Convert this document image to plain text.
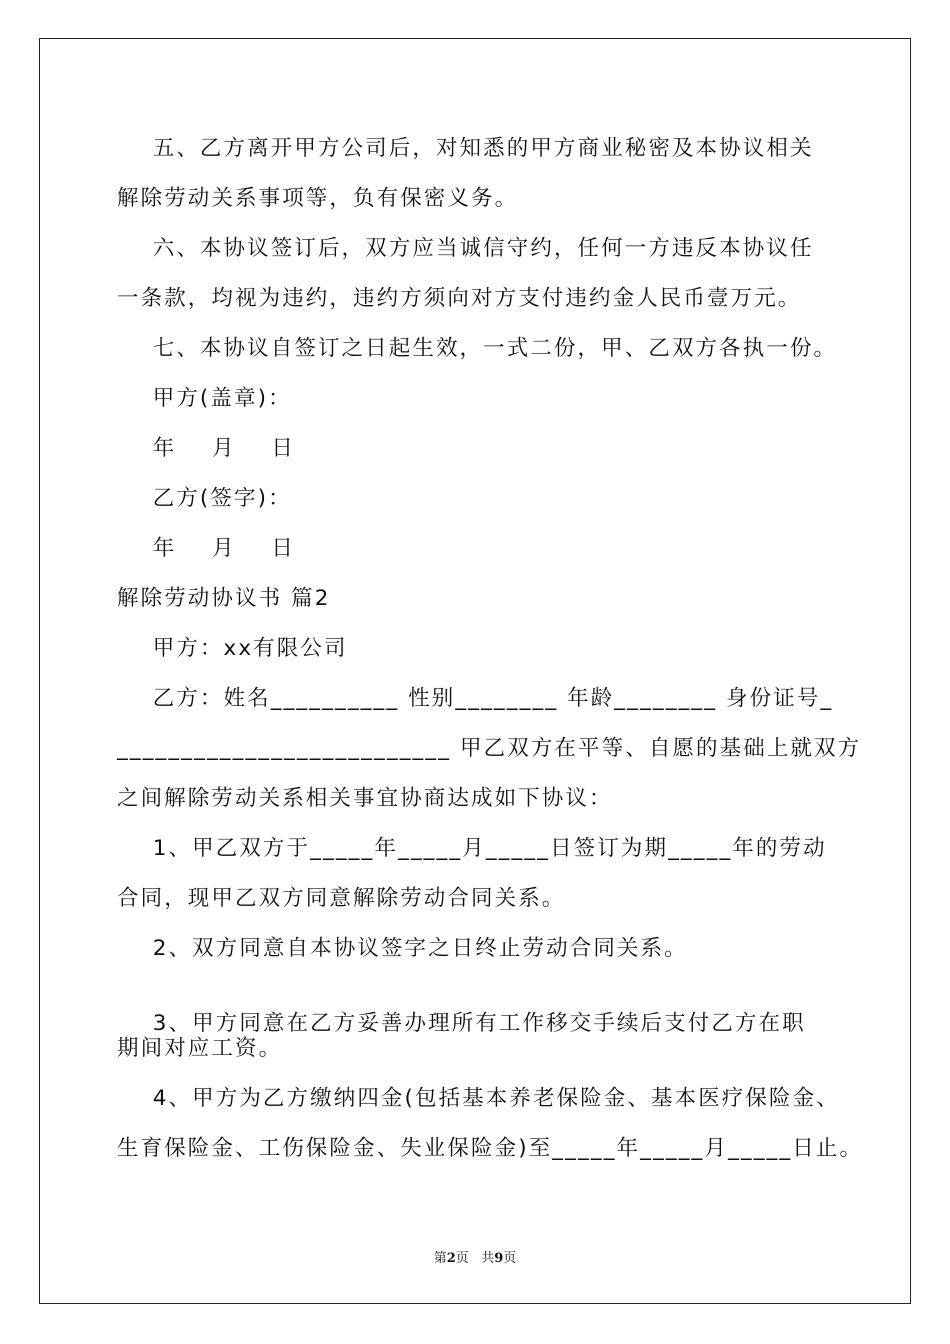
五、乙方离开甲方公司后，对知悉的甲方商业秘密及本协议相关
解除劳动关系事项等，负有保密义务。
六、本协议签订后，双方应当诚信守约，任何一方违反本协议任
一条款，均视为违约，违约方须向对方支付违约金人民币壹万元。
七、本协议自签订之日起生效，一式二份，甲、乙双方各执一份。
甲方(盖章)：
年    月    日
乙方(签字)：
年    月    日
解除劳动协议书 篇2
甲方：xx有限公司
乙方：姓名__________ 性别________ 年龄________ 身份证号_
__________________________ 甲乙双方在平等、自愿的基础上就双方
之间解除劳动关系相关事宜协商达成如下协议：
1、甲乙双方于_____年_____月_____日签订为期_____年的劳动
合同，现甲乙双方同意解除劳动合同关系。
2、双方同意自本协议签字之日终止劳动合同关系。
3、甲方同意在乙方妥善办理所有工作移交手续后支付乙方在职
期间对应工资。
4、甲方为乙方缴纳四金(包括基本养老保险金、基本医疗保险金、
生育保险金、工伤保险金、失业保险金)至_____年_____月_____日止。
第2页 共9页
